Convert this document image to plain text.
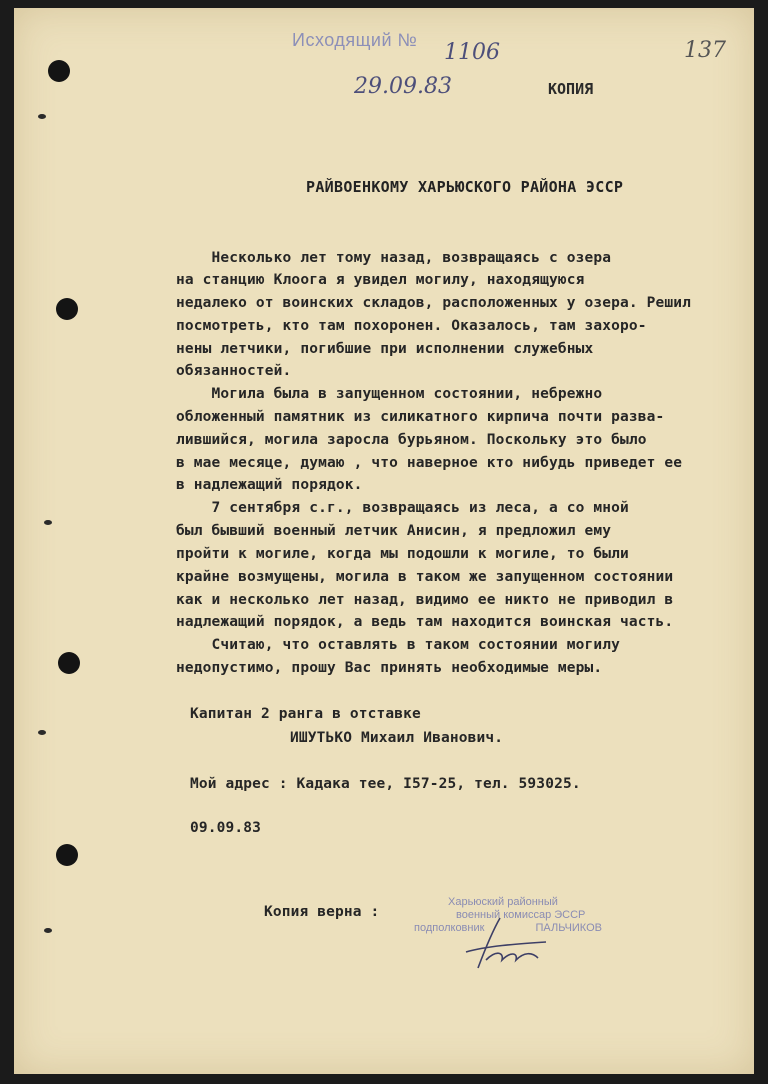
Исходящий № 1106
29.09.83
137
КОПИЯ
РАЙВОЕНКОМУ ХАРЬЮСКОГО РАЙОНА ЭССР
Несколько лет тому назад, возвращаясь с озера
на станцию Клоога я увидел могилу, находящуюся
недалеко от воинских складов, расположенных у озера. Решил
посмотреть, кто там похоронен. Оказалось, там захоро-
нены летчики, погибшие при исполнении служебных
обязанностей.
Могила была в запущенном состоянии, небрежно
обложенный памятник из силикатного кирпича почти разва-
лившийся, могила заросла бурьяном. Поскольку это было
в мае месяце, думаю , что наверное кто нибудь приведет ее
в надлежащий порядок.
7 сентября с.г., возвращаясь из леса, а со мной
был бывший военный летчик Анисин, я предложил ему
пройти к могиле, когда мы подошли к могиле, то были
крайне возмущены, могила в таком же запущенном состоянии
как и несколько лет назад, видимо ее никто не приводил в
надлежащий порядок, а ведь там находится воинская часть.
Считаю, что оставлять в таком состоянии могилу
недопустимо, прошу Вас принять необходимые меры.
Капитан 2 ранга в отставке
ИШУТЬКО Михаил Иванович.
Мой адрес : Кадака тее, I57-25, тел. 593025.
09.09.83
Копия верна :
Харьюский районный
военный комиссар ЭССР
подполковник	ПАЛЬЧИКОВ
